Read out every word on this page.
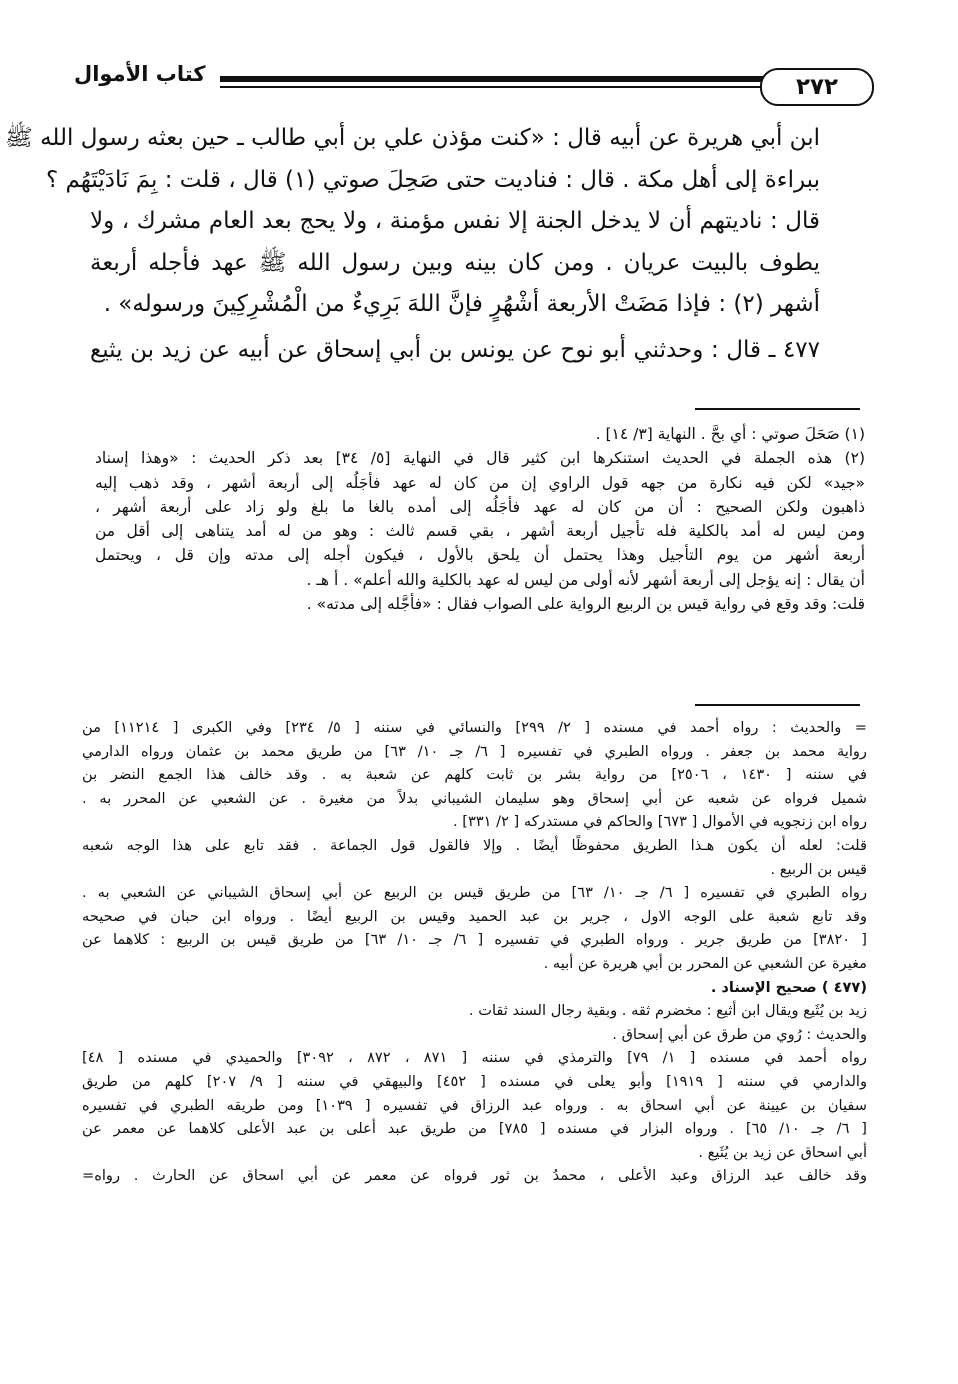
كتاب الأموال	٢٧٢
ابن أبي هريرة عن أبيه قال : «كنت مؤذن علي بن أبي طالب ـ حين بعثه رسول الله ﷺ
ببراءة إلى أهل مكة . قال : فناديت حتى صَحِلَ صوتي (١) قال ، قلت : بِمَ نَادَيْتَهُم ؟
قال : ناديتهم أن لا يدخل الجنة إلا نفس مؤمنة ، ولا يحج بعد العام مشرك ، ولا
يطوف بالبيت عريان . ومن كان بينه وبين رسول الله ﷺ عهد فأجله أربعة
أشهر (٢) : فإذا مَضَتْ الأربعة أشْهُرٍ فإنَّ اللهَ بَرِيءٌ من الْمُشْرِكِينَ ورسوله» .
٤٧٧ ـ قال : وحدثني أبو نوح عن يونس بن أبي إسحاق عن أبيه عن زيد بن يثيع
(١) صَحَلَ صوتي : أي بحَّ . النهاية [٣/ ١٤] .
(٢) هذه الجملة في الحديث استنكرها ابن كثير قال في النهاية [٥/ ٣٤] بعد ذكر الحديث : «وهذا إسناد
«جيد» لكن فيه نكارة من جهه قول الراوي إن من كان له عهد فأجَلُه إلى أربعة أشهر ، وقد ذهب إليه
ذاهبون ولكن الصحيح : أن من كان له عهد فأجَلُه إلى أمده بالغا ما بلغ ولو زاد على أربعة أشهر ،
ومن ليس له أمد بالكلية فله تأجيل أربعة أشهر ، بقي قسم ثالث : وهو من له أمد يتناهى إلى أقل من
أربعة أشهر من يوم التأجيل وهذا يحتمل أن يلحق بالأول ، فيكون أجله إلى مدته وإن قل ، ويحتمل
أن يقال : إنه يؤجل إلى أربعة أشهر لأنه أولى من ليس له عهد بالكلية والله أعلم» . أ هـ .
قلت: وقد وقع في رواية قيس بن الربيع الرواية على الصواب فقال : «فأجَّله إلى مدته» .
= والحديث : رواه أحمد في مسنده [ ٢/ ٢٩٩] والنسائي في سننه [ ٥/ ٢٣٤] وفي الكبرى [ ١١٢١٤] من
رواية محمد بن جعفر . ورواه الطبري في تفسيره [ ٦/ جـ ١٠/ ٦٣] من طريق محمد بن عثمان ورواه الدارمي
في سننه [ ١٤٣٠ ، ٢٥٠٦] من رواية بشر بن ثابت كلهم عن شعبة به . وقد خالف هذا الجمع النضر بن
شميل فرواه عن شعبه عن أبي إسحاق وهو سليمان الشيباني بدلاً من مغيرة . عن الشعبي عن المحرر به .
رواه ابن زنجويه في الأموال [ ٦٧٣] والحاكم في مستدركه [ ٢/ ٣٣١] .
قلت: لعله أن يكون هـذا الطريق محفوظًا أيضًا . وإلا فالقول قول الجماعة . فقد تابع على هذا الوجه شعبه
قيس بن الربيع .
رواه الطبري في تفسيره [ ٦/ جـ ١٠/ ٦٣] من طريق قيس بن الربيع عن أبي إسحاق الشيباني عن الشعبي به .
وقد تابع شعبة على الوجه الاول ، جرير بن عبد الحميد وقيس بن الربيع أيضًا . ورواه ابن حبان في صحيحه
[ ٣٨٢٠] من طريق جرير . ورواه الطبري في تفسيره [ ٦/ جـ ١٠/ ٦٣] من طريق قيس بن الربيع : كلاهما عن
مغيرة عن الشعبي عن المحرر بن أبي هريرة عن أبيه .
(٤٧٧ ) صحيح الإسناد .
زيد بن يُثَيع ويقال ابن أثيع : مخضرم ثقه . وبقية رجال السند ثقات .
والحديث : رُوي من طرق عن أبي إسحاق .
رواه أحمد في مسنده [ ١/ ٧٩] والترمذي في سننه [ ٨٧١ ، ٨٧٢ ، ٣٠٩٢] والحميدي في مسنده [ ٤٨]
والدارمي في سننه [ ١٩١٩] وأبو يعلى في مسنده [ ٤٥٢] والبيهقي في سننه [ ٩/ ٢٠٧] كلهم من طريق
سفيان بن عيينة عن أبي اسحاق به . ورواه عبد الرزاق في تفسيره [ ١٠٣٩] ومن طريقه الطبري في تفسيره
[ ٦/ جـ ١٠/ ٦٥] . ورواه البزار في مسنده [ ٧٨٥] من طريق عبد أعلى بن عبد الأعلى كلاهما عن معمر عن
أبي اسحاق عن زيد بن يُثَيع .
وقد خالف عبد الرزاق وعبد الأعلى ، محمدُ بن ثور فرواه عن معمر عن أبي اسحاق عن الحارث . رواه=
